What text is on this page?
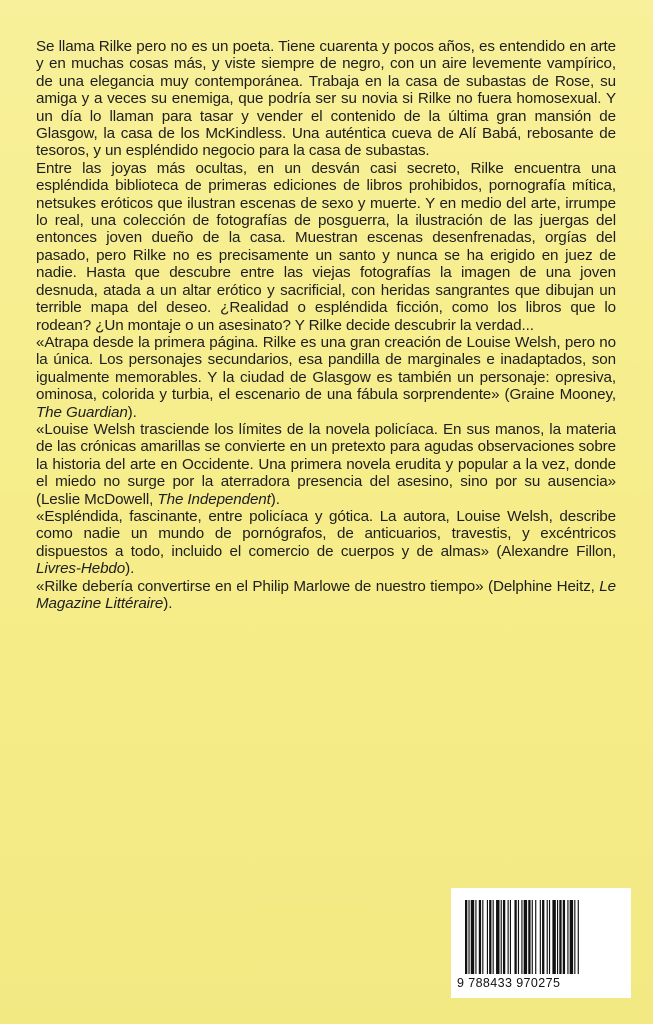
Se llama Rilke pero no es un poeta. Tiene cuarenta y pocos años, es entendido en arte y en muchas cosas más, y viste siempre de negro, con un aire levemente vampírico, de una elegancia muy contemporánea. Trabaja en la casa de subastas de Rose, su amiga y a veces su enemiga, que podría ser su novia si Rilke no fuera homosexual. Y un día lo llaman para tasar y vender el contenido de la última gran mansión de Glasgow, la casa de los McKindless. Una auténtica cueva de Alí Babá, rebosante de tesoros, y un espléndido negocio para la casa de subastas.

Entre las joyas más ocultas, en un desván casi secreto, Rilke encuentra una espléndida biblioteca de primeras ediciones de libros prohibidos, pornografía mítica, netsukes eróticos que ilustran escenas de sexo y muerte. Y en medio del arte, irrumpe lo real, una colección de fotografías de posguerra, la ilustración de las juergas del entonces joven dueño de la casa. Muestran escenas desenfrenadas, orgías del pasado, pero Rilke no es precisamente un santo y nunca se ha erigido en juez de nadie. Hasta que descubre entre las viejas fotografías la imagen de una joven desnuda, atada a un altar erótico y sacrificial, con heridas sangrantes que dibujan un terrible mapa del deseo. ¿Realidad o espléndida ficción, como los libros que lo rodean? ¿Un montaje o un asesinato? Y Rilke decide descubrir la verdad...

«Atrapa desde la primera página. Rilke es una gran creación de Louise Welsh, pero no la única. Los personajes secundarios, esa pandilla de marginales e inadaptados, son igualmente memorables. Y la ciudad de Glasgow es también un personaje: opresiva, ominosa, colorida y turbia, el escenario de una fábula sorprendente» (Graine Mooney, The Guardian).

«Louise Welsh trasciende los límites de la novela policíaca. En sus manos, la materia de las crónicas amarillas se convierte en un pretexto para agudas observaciones sobre la historia del arte en Occidente. Una primera novela erudita y popular a la vez, donde el miedo no surge por la aterradora presencia del asesino, sino por su ausencia» (Leslie McDowell, The Independent).

«Espléndida, fascinante, entre policíaca y gótica. La autora, Louise Welsh, describe como nadie un mundo de pornógrafos, de anticuarios, travestis, y excéntricos dispuestos a todo, incluido el comercio de cuerpos y de almas» (Alexandre Fillon, Livres-Hebdo).

«Rilke debería convertirse en el Philip Marlowe de nuestro tiempo» (Delphine Heitz, Le Magazine Littéraire).

9 788433 970275
